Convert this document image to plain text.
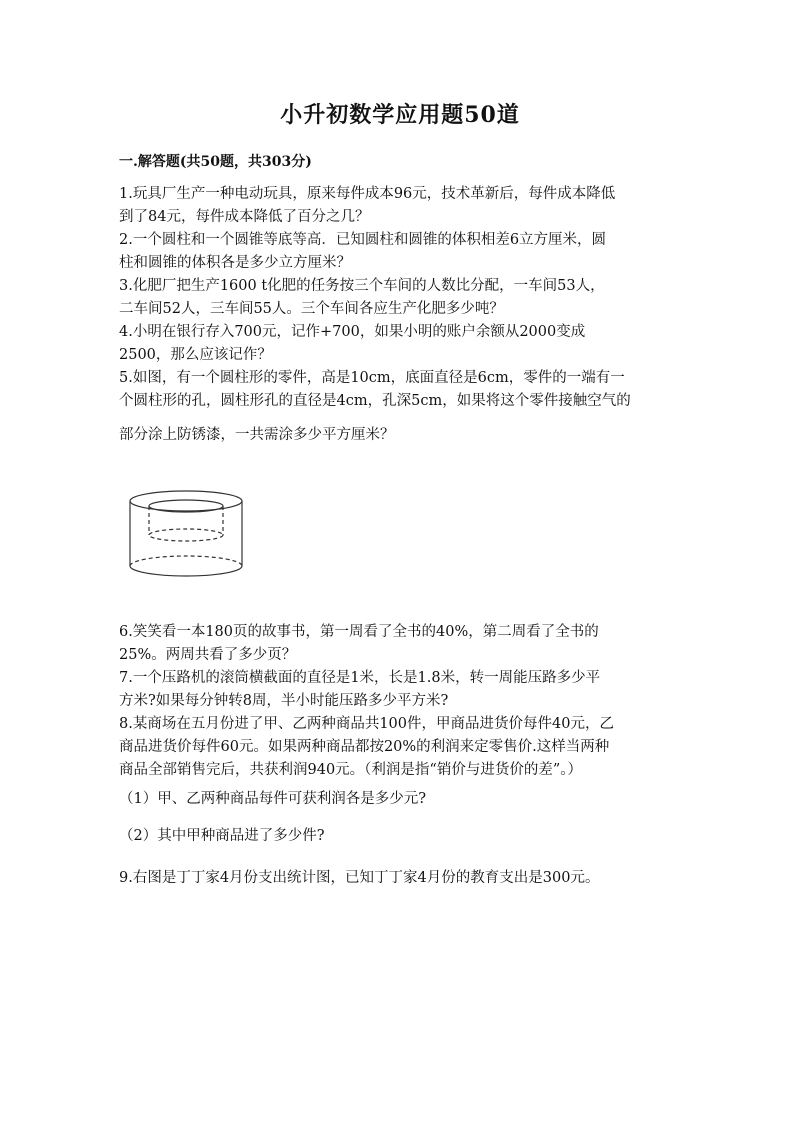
小升初数学应用题50道
一.解答题(共50题，共303分)
1.玩具厂生产一种电动玩具，原来每件成本96元，技术革新后，每件成本降低
到了84元，每件成本降低了百分之几？
2.一个圆柱和一个圆锥等底等高．已知圆柱和圆锥的体积相差6立方厘米，圆
柱和圆锥的体积各是多少立方厘米？
3.化肥厂把生产1600 t化肥的任务按三个车间的人数比分配，一车间53人，
二车间52人，三车间55人。三个车间各应生产化肥多少吨？
4.小明在银行存入700元，记作+700，如果小明的账户余额从2000变成
2500，那么应该记作？
5.如图，有一个圆柱形的零件，高是10cm，底面直径是6cm，零件的一端有一
个圆柱形的孔，圆柱形孔的直径是4cm，孔深5cm，如果将这个零件接触空气的
部分涂上防锈漆，一共需涂多少平方厘米？
6.笑笑看一本180页的故事书，第一周看了全书的40%，第二周看了全书的
25%。两周共看了多少页？
7.一个压路机的滚筒横截面的直径是1米，长是1.8米，转一周能压路多少平
方米?如果每分钟转8周，半小时能压路多少平方米?
8.某商场在五月份进了甲、乙两种商品共100件，甲商品进货价每件40元，乙
商品进货价每件60元。如果两种商品都按20%的利润来定零售价.这样当两种
商品全部销售完后，共获利润940元。（利润是指“销价与进货价的差”。）
（1）甲、乙两种商品每件可获利润各是多少元?
（2）其中甲种商品进了多少件?
9.右图是丁丁家4月份支出统计图，已知丁丁家4月份的教育支出是300元。
